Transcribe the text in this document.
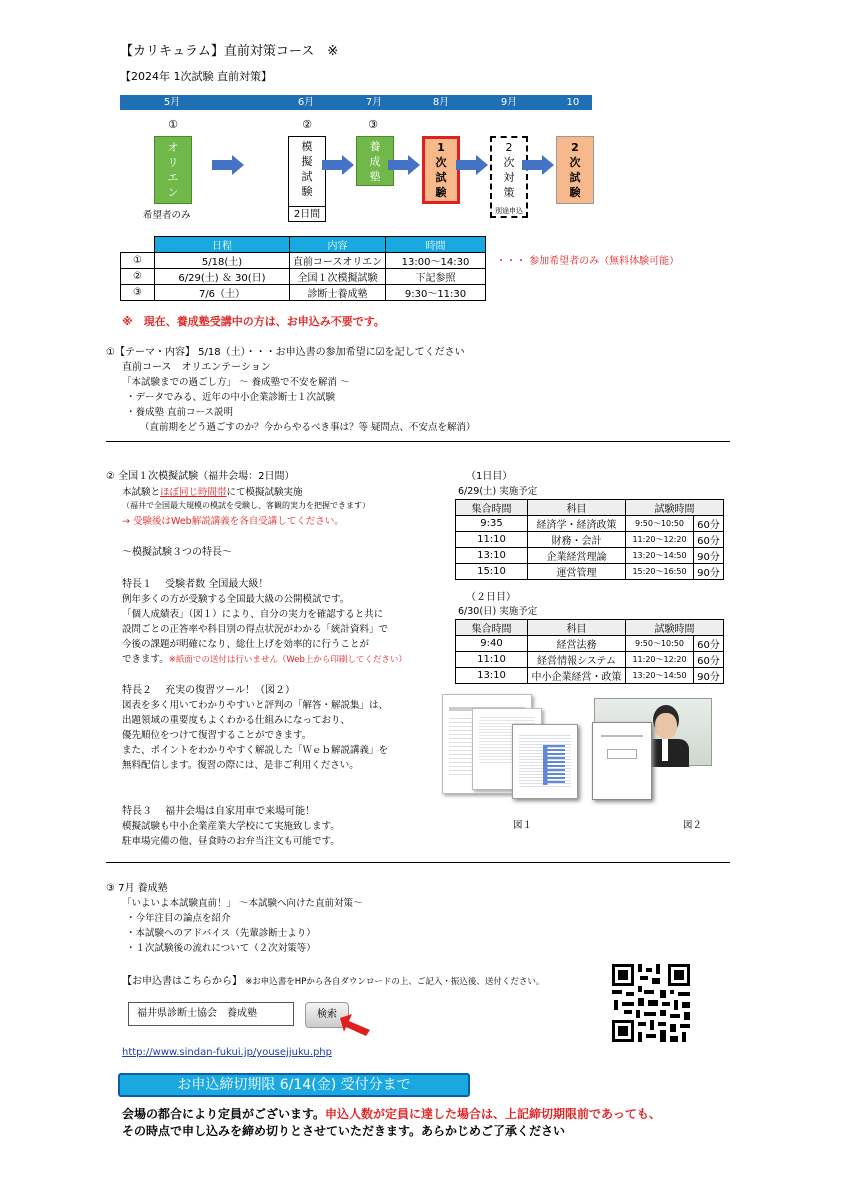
【カリキュラム】直前対策コース　※
【2024年 1次試験 直前対策】
5月	6月	7月	8月	9月	10月
①	②	③
オ
リ
エ
ン
希望者のみ
模
擬
試
験
2日間
養
成
塾
1
次
試
験
2
次
対
策
別途申込
2
次
試
験
	日程	内容	時間
①	5/18(土)	直前コースオリエン	13:00～14:30
②	6/29(土) ＆ 30(日)	全国１次模擬試験	下記参照
③	7/6（土）	診断士養成塾	9:30～11:30
・・・ 参加希望者のみ（無料体験可能）
※　現在、養成塾受講中の方は、お申込み不要です。
①【テーマ・内容】 5/18（土）・・・お申込書の参加希望に☑を記してください
直前コース　オリエンテーション
「本試験までの過ごし方」 ～ 養成塾で不安を解消 ～
・データでみる、近年の中小企業診断士１次試験
・養成塾 直前コース説明
（直前期をどう過ごすのか？今からやるべき事は？等 疑問点、不安点を解消）
② 全国１次模擬試験（福井会場：2日間）
本試験とほぼ同じ時間帯にて模擬試験実施
（福井で全国最大規模の模試を受験し、客観的実力を把握できます）
→ 受験後はWeb解説講義を各自受講してください。
～模擬試験３つの特長～
特長１　 受験者数 全国最大級！
例年多くの方が受験する全国最大級の公開模試です。
「個人成績表」（図１）により、自分の実力を確認すると共に
設問ごとの正答率や科目別の得点状況がわかる「統計資料」で
今後の課題が明確になり、総仕上げを効率的に行うことが
できます。※紙面での送付は行いません（Web上から印刷してください）
特長２　 充実の復習ツール！（図２）
図表を多く用いてわかりやすいと評判の「解答・解説集」は、
出題領域の重要度もよくわかる仕組みになっており、
優先順位をつけて復習することができます。
また、ポイントをわかりやすく解説した「Ｗｅｂ解説講義」を
無料配信します。復習の際には、是非ご利用ください。
特長３　 福井会場は自家用車で来場可能！
模擬試験も中小企業産業大学校にて実施致します。
駐車場完備の他、昼食時のお弁当注文も可能です。
（1日目）
6/29(土) 実施予定
集合時間	科目	試験時間	
9:35	経済学・経済政策	9:50～10:50	60分
11:10	財務・会計	11:20～12:20	60分
13:10	企業経営理論	13:20～14:50	90分
15:10	運営管理	15:20～16:50	90分
（２日目）
6/30(日) 実施予定
集合時間	科目	試験時間	
9:40	経営法務	9:50～10:50	60分
11:10	経営情報システム	11:20～12:20	60分
13:10	中小企業経営・政策	13:20～14:50	90分
図１	図２
③ 7月 養成塾
「いよいよ本試験直前！」 ～本試験へ向けた直前対策～
・今年注目の論点を紹介
・本試験へのアドバイス（先輩診断士より）
・１次試験後の流れについて（２次対策等）
【お申込書はこちらから】 ※お申込書をHPから各自ダウンロードの上、ご記入・振込後、送付ください。
福井県診断士協会　養成塾	検索
http://www.sindan-fukui.jp/yousejjuku.php
お申込締切期限 6/14(金) 受付分まで
会場の都合により定員がございます。申込人数が定員に達した場合は、上記締切期限前であっても、
その時点で申し込みを締め切りとさせていただきます。あらかじめご了承ください
